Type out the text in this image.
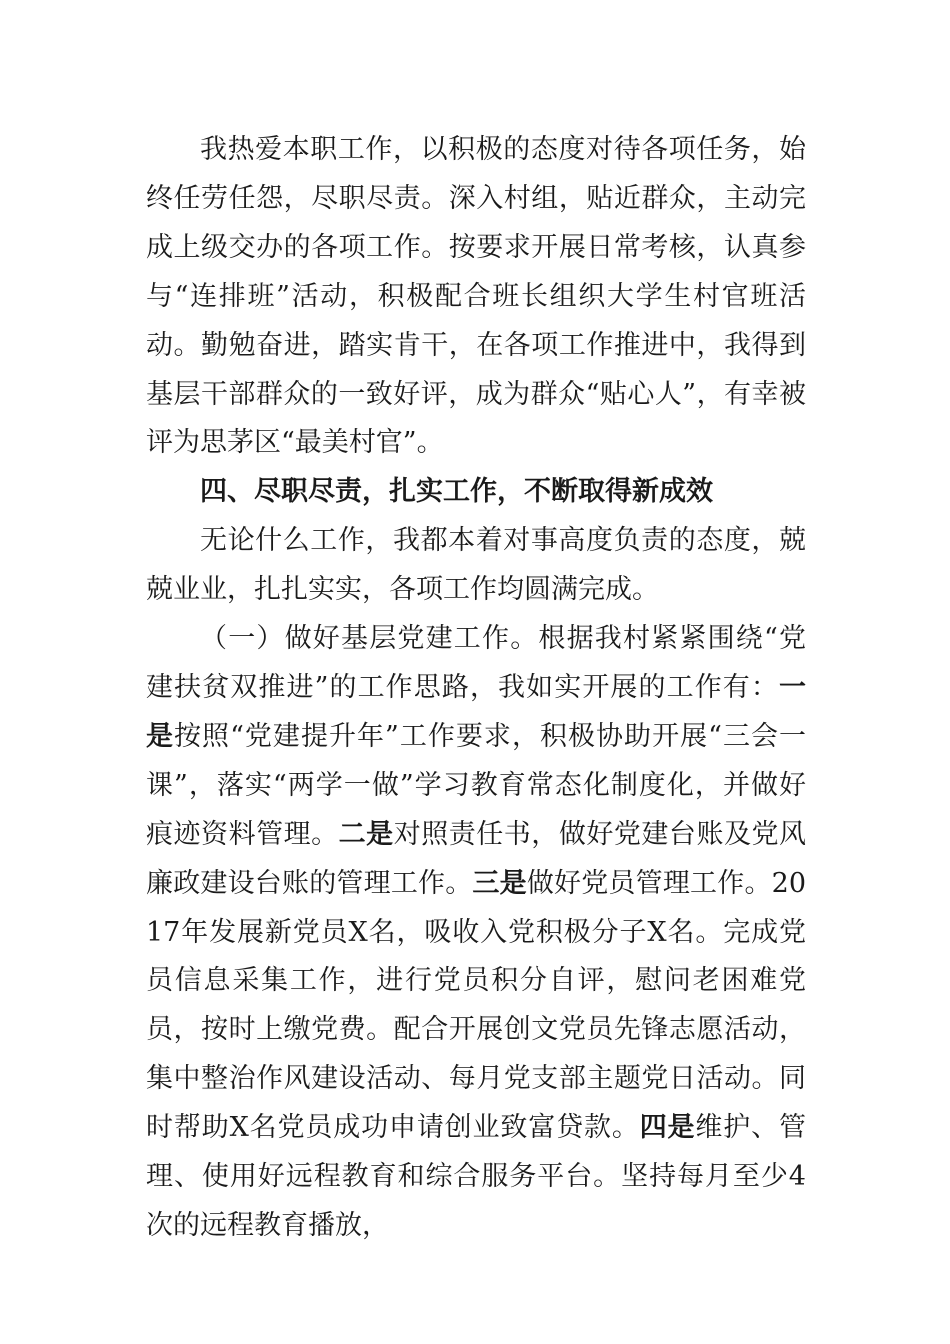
我热爱本职工作，以积极的态度对待各项任务，始终任劳任怨，尽职尽责。深入村组，贴近群众，主动完成上级交办的各项工作。按要求开展日常考核，认真参与“连排班”活动，积极配合班长组织大学生村官班活动。勤勉奋进，踏实肯干，在各项工作推进中，我得到基层干部群众的一致好评，成为群众“贴心人”，有幸被评为思茅区“最美村官”。

四、尽职尽责，扎实工作，不断取得新成效

无论什么工作，我都本着对事高度负责的态度，兢兢业业，扎扎实实，各项工作均圆满完成。

（一）做好基层党建工作。根据我村紧紧围绕“党建扶贫双推进”的工作思路，我如实开展的工作有：一是按照“党建提升年”工作要求，积极协助开展“三会一课”，落实“两学一做”学习教育常态化制度化，并做好痕迹资料管理。二是对照责任书，做好党建台账及党风廉政建设台账的管理工作。三是做好党员管理工作。2017年发展新党员X名，吸收入党积极分子X名。完成党员信息采集工作，进行党员积分自评，慰问老困难党员，按时上缴党费。配合开展创文党员先锋志愿活动，集中整治作风建设活动、每月党支部主题党日活动。同时帮助X名党员成功申请创业致富贷款。四是维护、管理、使用好远程教育和综合服务平台。坚持每月至少4次的远程教育播放，
